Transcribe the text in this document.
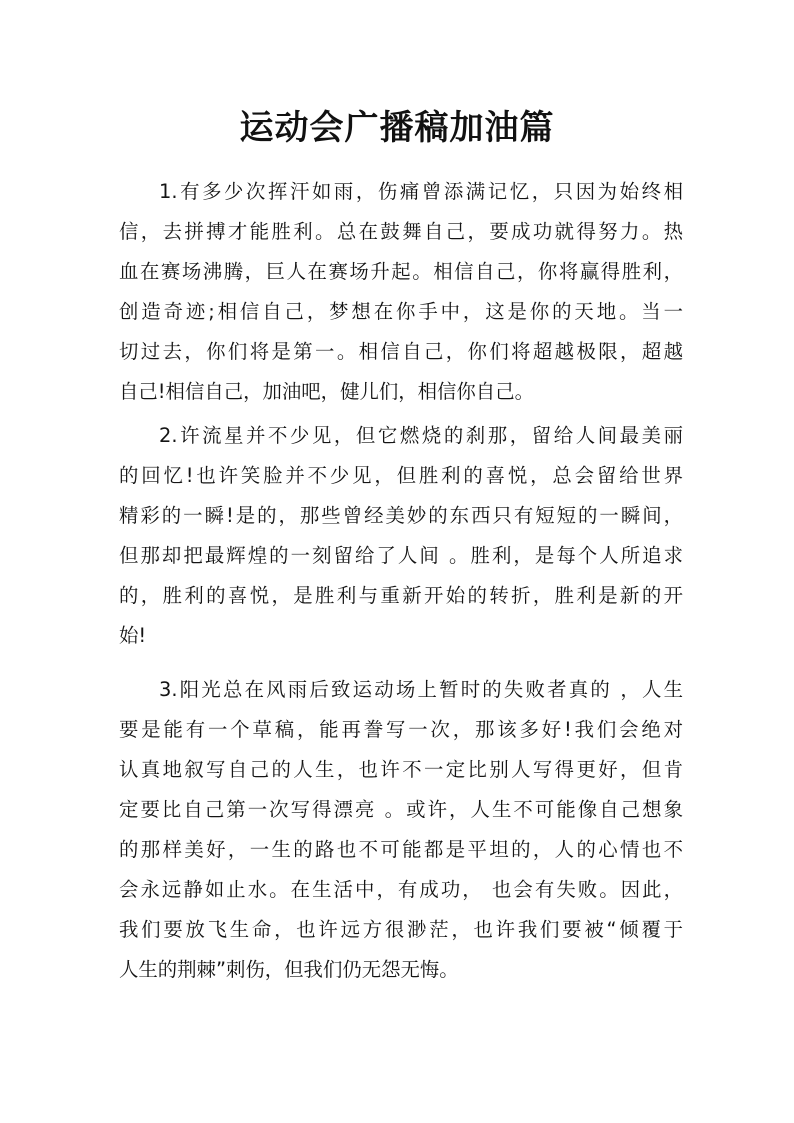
运动会广播稿加油篇
1.有多少次挥汗如雨，伤痛曾添满记忆，只因为始终相
信，去拼搏才能胜利。总在鼓舞自己，要成功就得努力。热
血在赛场沸腾，巨人在赛场升起。相信自己，你将赢得胜利，
创造奇迹;相信自己，梦想在你手中，这是你的天地。当一
切过去，你们将是第一。相信自己，你们将超越极限，超越
自己!相信自己，加油吧，健儿们，相信你自己。
2.许流星并不少见，但它燃烧的刹那，留给人间最美丽
的回忆!也许笑脸并不少见，但胜利的喜悦，总会留给世界
精彩的一瞬!是的，那些曾经美妙的东西只有短短的一瞬间，
但那却把最辉煌的一刻留给了人间 。胜利，是每个人所追求
的，胜利的喜悦，是胜利与重新开始的转折，胜利是新的开
始!
3.阳光总在风雨后致运动场上暂时的失败者真的 ，人生
要是能有一个草稿，能再誊写一次，那该多好!我们会绝对
认真地叙写自己的人生，也许不一定比别人写得更好，但肯
定要比自己第一次写得漂亮 。或许，人生不可能像自己想象
的那样美好，一生的路也不可能都是平坦的，人的心情也不
会永远静如止水。在生活中，有成功， 也会有失败。因此，
我们要放飞生命，也许远方很渺茫，也许我们要被“倾覆于
人生的荆棘”刺伤，但我们仍无怨无悔。
